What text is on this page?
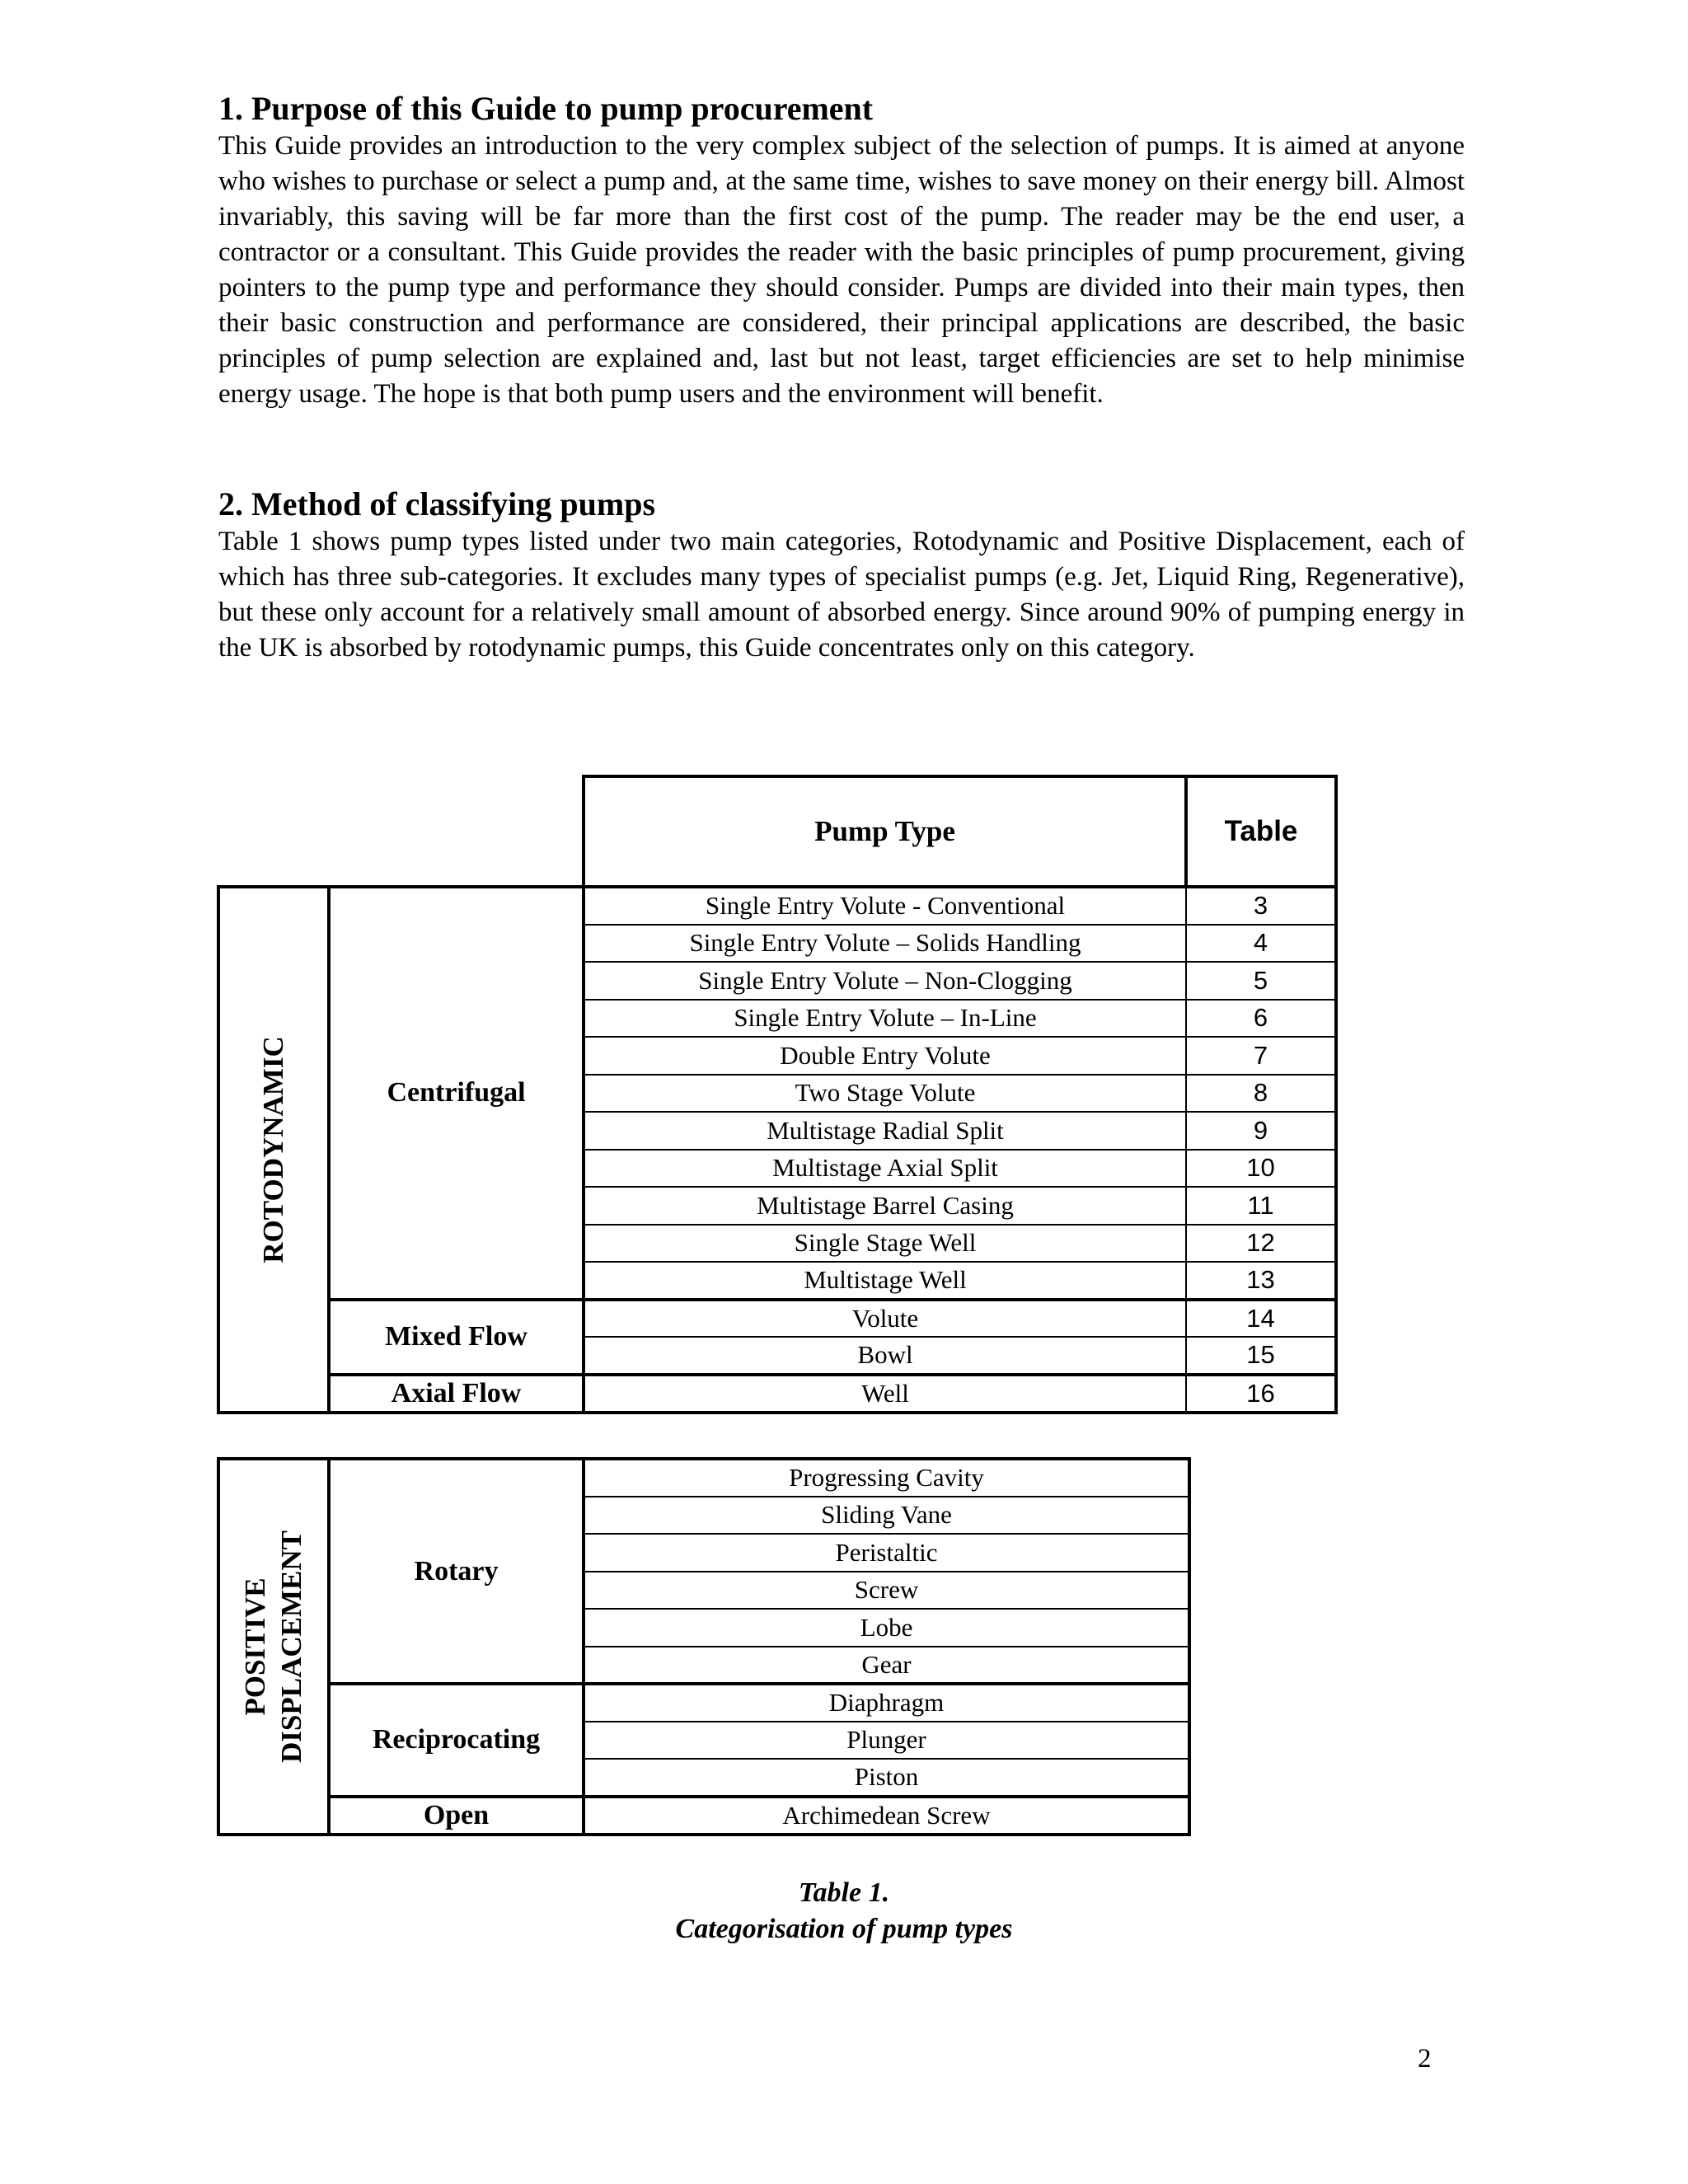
1. Purpose of this Guide to pump procurement

This Guide provides an introduction to the very complex subject of the selection of pumps. It is aimed at anyone who wishes to purchase or select a pump and, at the same time, wishes to save money on their energy bill. Almost invariably, this saving will be far more than the first cost of the pump. The reader may be the end user, a contractor or a consultant. This Guide provides the reader with the basic principles of pump procurement, giving pointers to the pump type and performance they should consider. Pumps are divided into their main types, then their basic construction and performance are considered, their principal applications are described, the basic principles of pump selection are explained and, last but not least, target efficiencies are set to help minimise energy usage. The hope is that both pump users and the environment will benefit.

2. Method of classifying pumps

Table 1 shows pump types listed under two main categories, Rotodynamic and Positive Displacement, each of which has three sub-categories. It excludes many types of specialist pumps (e.g. Jet, Liquid Ring, Regenerative), but these only account for a relatively small amount of absorbed energy. Since around 90% of pumping energy in the UK is absorbed by rotodynamic pumps, this Guide concentrates only on this category.

		Pump Type	Table

ROTODYNAMIC	Centrifugal	Single Entry Volute - Conventional	3
		Single Entry Volute – Solids Handling	4
		Single Entry Volute – Non-Clogging	5
		Single Entry Volute – In-Line	6
		Double Entry Volute	7
		Two Stage Volute	8
		Multistage Radial Split	9
		Multistage Axial Split	10
		Multistage Barrel Casing	11
		Single Stage Well	12
		Multistage Well	13
	Mixed Flow	Volute	14
		Bowl	15
	Axial Flow	Well	16
POSITIVE DISPLACEMENT	Rotary	Progressing Cavity
		Sliding Vane
		Peristaltic
		Screw
		Lobe
		Gear
	Reciprocating	Diaphragm
		Plunger
		Piston
	Open	Archimedean Screw
Table 1.
Categorisation of pump types
2
